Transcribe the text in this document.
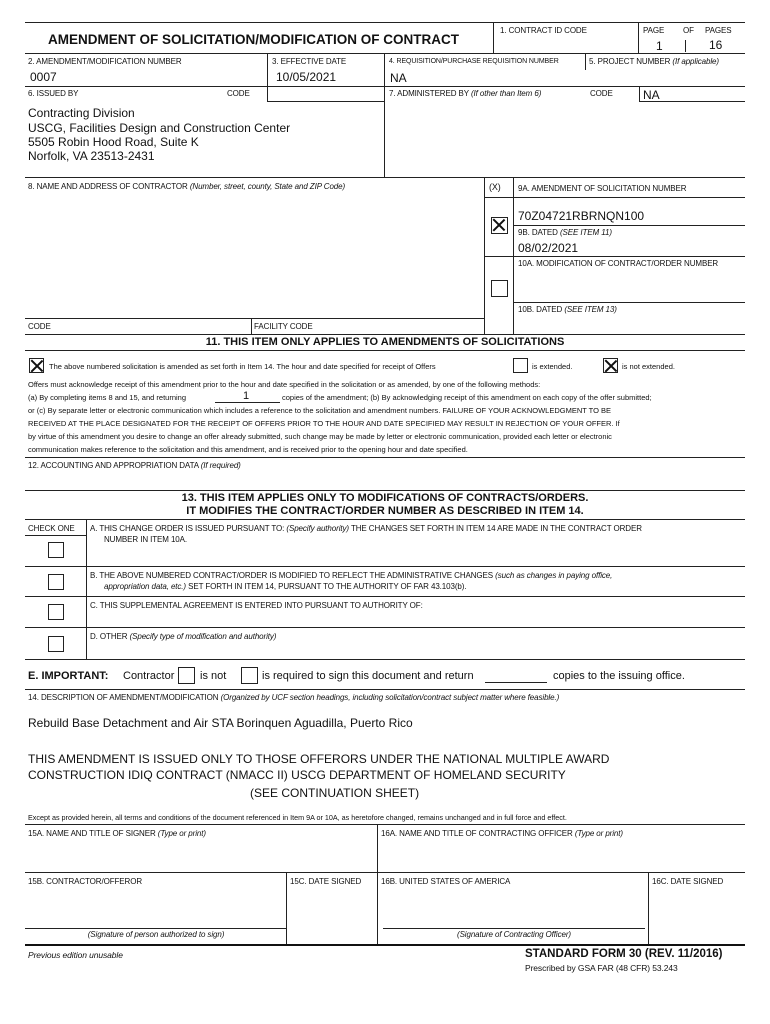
AMENDMENT OF SOLICITATION/MODIFICATION OF CONTRACT
1. CONTRACT ID CODE	PAGE OF PAGES
1	16
2. AMENDMENT/MODIFICATION NUMBER
0007
3. EFFECTIVE DATE
10/05/2021
4. REQUISITION/PURCHASE REQUISITION NUMBER
NA
5. PROJECT NUMBER (If applicable)
6. ISSUED BY	CODE	7. ADMINISTERED BY (If other than Item 6)	CODE	NA
Contracting Division
USCG, Facilities Design and Construction Center
5505 Robin Hood Road, Suite K
Norfolk, VA 23513-2431
8. NAME AND ADDRESS OF CONTRACTOR (Number, street, county, State and ZIP Code)	(X) 9A. AMENDMENT OF SOLICITATION NUMBER
70Z04721RBRNQN100
9B. DATED (SEE ITEM 11)
08/02/2021
10A. MODIFICATION OF CONTRACT/ORDER NUMBER
10B. DATED (SEE ITEM 13)
CODE	FACILITY CODE
11. THIS ITEM ONLY APPLIES TO AMENDMENTS OF SOLICITATIONS
The above numbered solicitation is amended as set forth in Item 14. The hour and date specified for receipt of Offers	is extended.	is not extended.
Offers must acknowledge receipt of this amendment prior to the hour and date specified in the solicitation or as amended, by one of the following methods:
(a) By completing items 8 and 15, and returning	1	copies of the amendment; (b) By acknowledging receipt of this amendment on each copy of the offer submitted;
or (c) By separate letter or electronic communication which includes a reference to the solicitation and amendment numbers. FAILURE OF YOUR ACKNOWLEDGMENT TO BE
RECEIVED AT THE PLACE DESIGNATED FOR THE RECEIPT OF OFFERS PRIOR TO THE HOUR AND DATE SPECIFIED MAY RESULT IN REJECTION OF YOUR OFFER. If
by virtue of this amendment you desire to change an offer already submitted, such change may be made by letter or electronic communication, provided each letter or electronic
communication makes reference to the solicitation and this amendment, and is received prior to the opening hour and date specified.
12. ACCOUNTING AND APPROPRIATION DATA (If required)
13. THIS ITEM APPLIES ONLY TO MODIFICATIONS OF CONTRACTS/ORDERS.
IT MODIFIES THE CONTRACT/ORDER NUMBER AS DESCRIBED IN ITEM 14.
CHECK ONE A. THIS CHANGE ORDER IS ISSUED PURSUANT TO: (Specify authority) THE CHANGES SET FORTH IN ITEM 14 ARE MADE IN THE CONTRACT ORDER
NUMBER IN ITEM 10A.
B. THE ABOVE NUMBERED CONTRACT/ORDER IS MODIFIED TO REFLECT THE ADMINISTRATIVE CHANGES (such as changes in paying office,
appropriation data, etc.) SET FORTH IN ITEM 14, PURSUANT TO THE AUTHORITY OF FAR 43.103(b).
C. THIS SUPPLEMENTAL AGREEMENT IS ENTERED INTO PURSUANT TO AUTHORITY OF:
D. OTHER (Specify type of modification and authority)
E. IMPORTANT: Contractor is not	is required to sign this document and return	copies to the issuing office.
14. DESCRIPTION OF AMENDMENT/MODIFICATION (Organized by UCF section headings, including solicitation/contract subject matter where feasible.)
Rebuild Base Detachment and Air STA Borinquen Aguadilla, Puerto Rico
THIS AMENDMENT IS ISSUED ONLY TO THOSE OFFERORS UNDER THE NATIONAL MULTIPLE AWARD
CONSTRUCTION IDIQ CONTRACT (NMACC II) USCG DEPARTMENT OF HOMELAND SECURITY
(SEE CONTINUATION SHEET)
Except as provided herein, all terms and conditions of the document referenced in Item 9A or 10A, as heretofore changed, remains unchanged and in full force and effect.
15A. NAME AND TITLE OF SIGNER (Type or print)	16A. NAME AND TITLE OF CONTRACTING OFFICER (Type or print)
15B. CONTRACTOR/OFFEROR	15C. DATE SIGNED 16B. UNITED STATES OF AMERICA	16C. DATE SIGNED
(Signature of person authorized to sign)	(Signature of Contracting Officer)
Previous edition unusable	STANDARD FORM 30 (REV. 11/2016)
Prescribed by GSA FAR (48 CFR) 53.243
